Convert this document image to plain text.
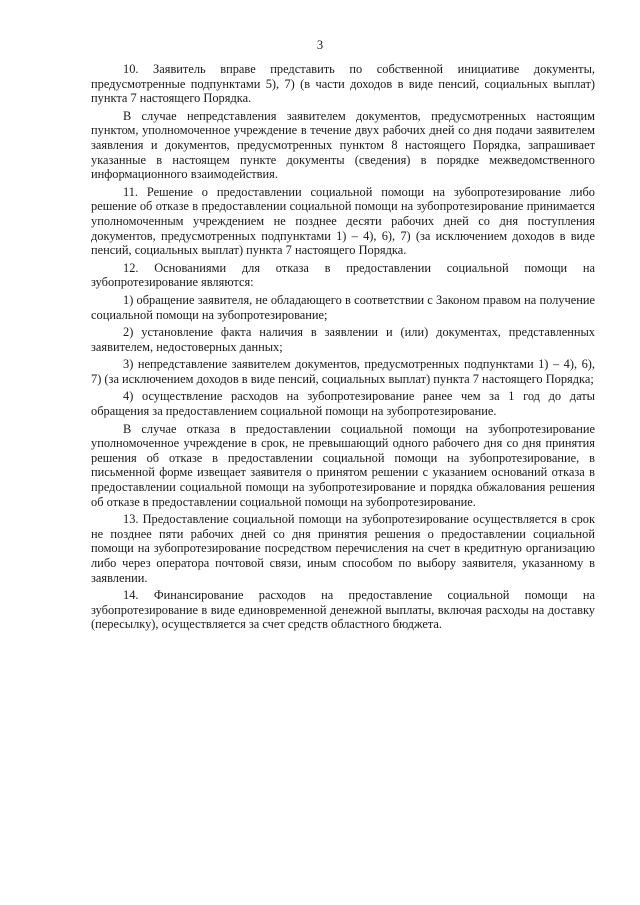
3

10. Заявитель вправе представить по собственной инициативе документы, предусмотренные подпунктами 5), 7) (в части доходов в виде пенсий, социальных выплат) пункта 7 настоящего Порядка.

В случае непредставления заявителем документов, предусмотренных настоящим пунктом, уполномоченное учреждение в течение двух рабочих дней со дня подачи заявителем заявления и документов, предусмотренных пунктом 8 настоящего Порядка, запрашивает указанные в настоящем пункте документы (сведения) в порядке межведомственного информационного взаимодействия.

11. Решение о предоставлении социальной помощи на зубопротезирование либо решение об отказе в предоставлении социальной помощи на зубопротезирование принимается уполномоченным учреждением не позднее десяти рабочих дней со дня поступления документов, предусмотренных подпунктами 1) – 4), 6), 7) (за исключением доходов в виде пенсий, социальных выплат) пункта 7 настоящего Порядка.

12. Основаниями для отказа в предоставлении социальной помощи на зубопротезирование являются:

1) обращение заявителя, не обладающего в соответствии с Законом правом на получение социальной помощи на зубопротезирование;

2) установление факта наличия в заявлении и (или) документах, представленных заявителем, недостоверных данных;

3) непредставление заявителем документов, предусмотренных подпунктами 1) – 4), 6), 7) (за исключением доходов в виде пенсий, социальных выплат) пункта 7 настоящего Порядка;

4) осуществление расходов на зубопротезирование ранее чем за 1 год до даты обращения за предоставлением социальной помощи на зубопротезирование.

В случае отказа в предоставлении социальной помощи на зубопротезирование уполномоченное учреждение в срок, не превышающий одного рабочего дня со дня принятия решения об отказе в предоставлении социальной помощи на зубопротезирование, в письменной форме извещает заявителя о принятом решении с указанием оснований отказа в предоставлении социальной помощи на зубопротезирование и порядка обжалования решения об отказе в предоставлении социальной помощи на зубопротезирование.

13. Предоставление социальной помощи на зубопротезирование осуществляется в срок не позднее пяти рабочих дней со дня принятия решения о предоставлении социальной помощи на зубопротезирование посредством перечисления на счет в кредитную организацию либо через оператора почтовой связи, иным способом по выбору заявителя, указанному в заявлении.

14. Финансирование расходов на предоставление социальной помощи на зубопротезирование в виде единовременной денежной выплаты, включая расходы на доставку (пересылку), осуществляется за счет средств областного бюджета.
